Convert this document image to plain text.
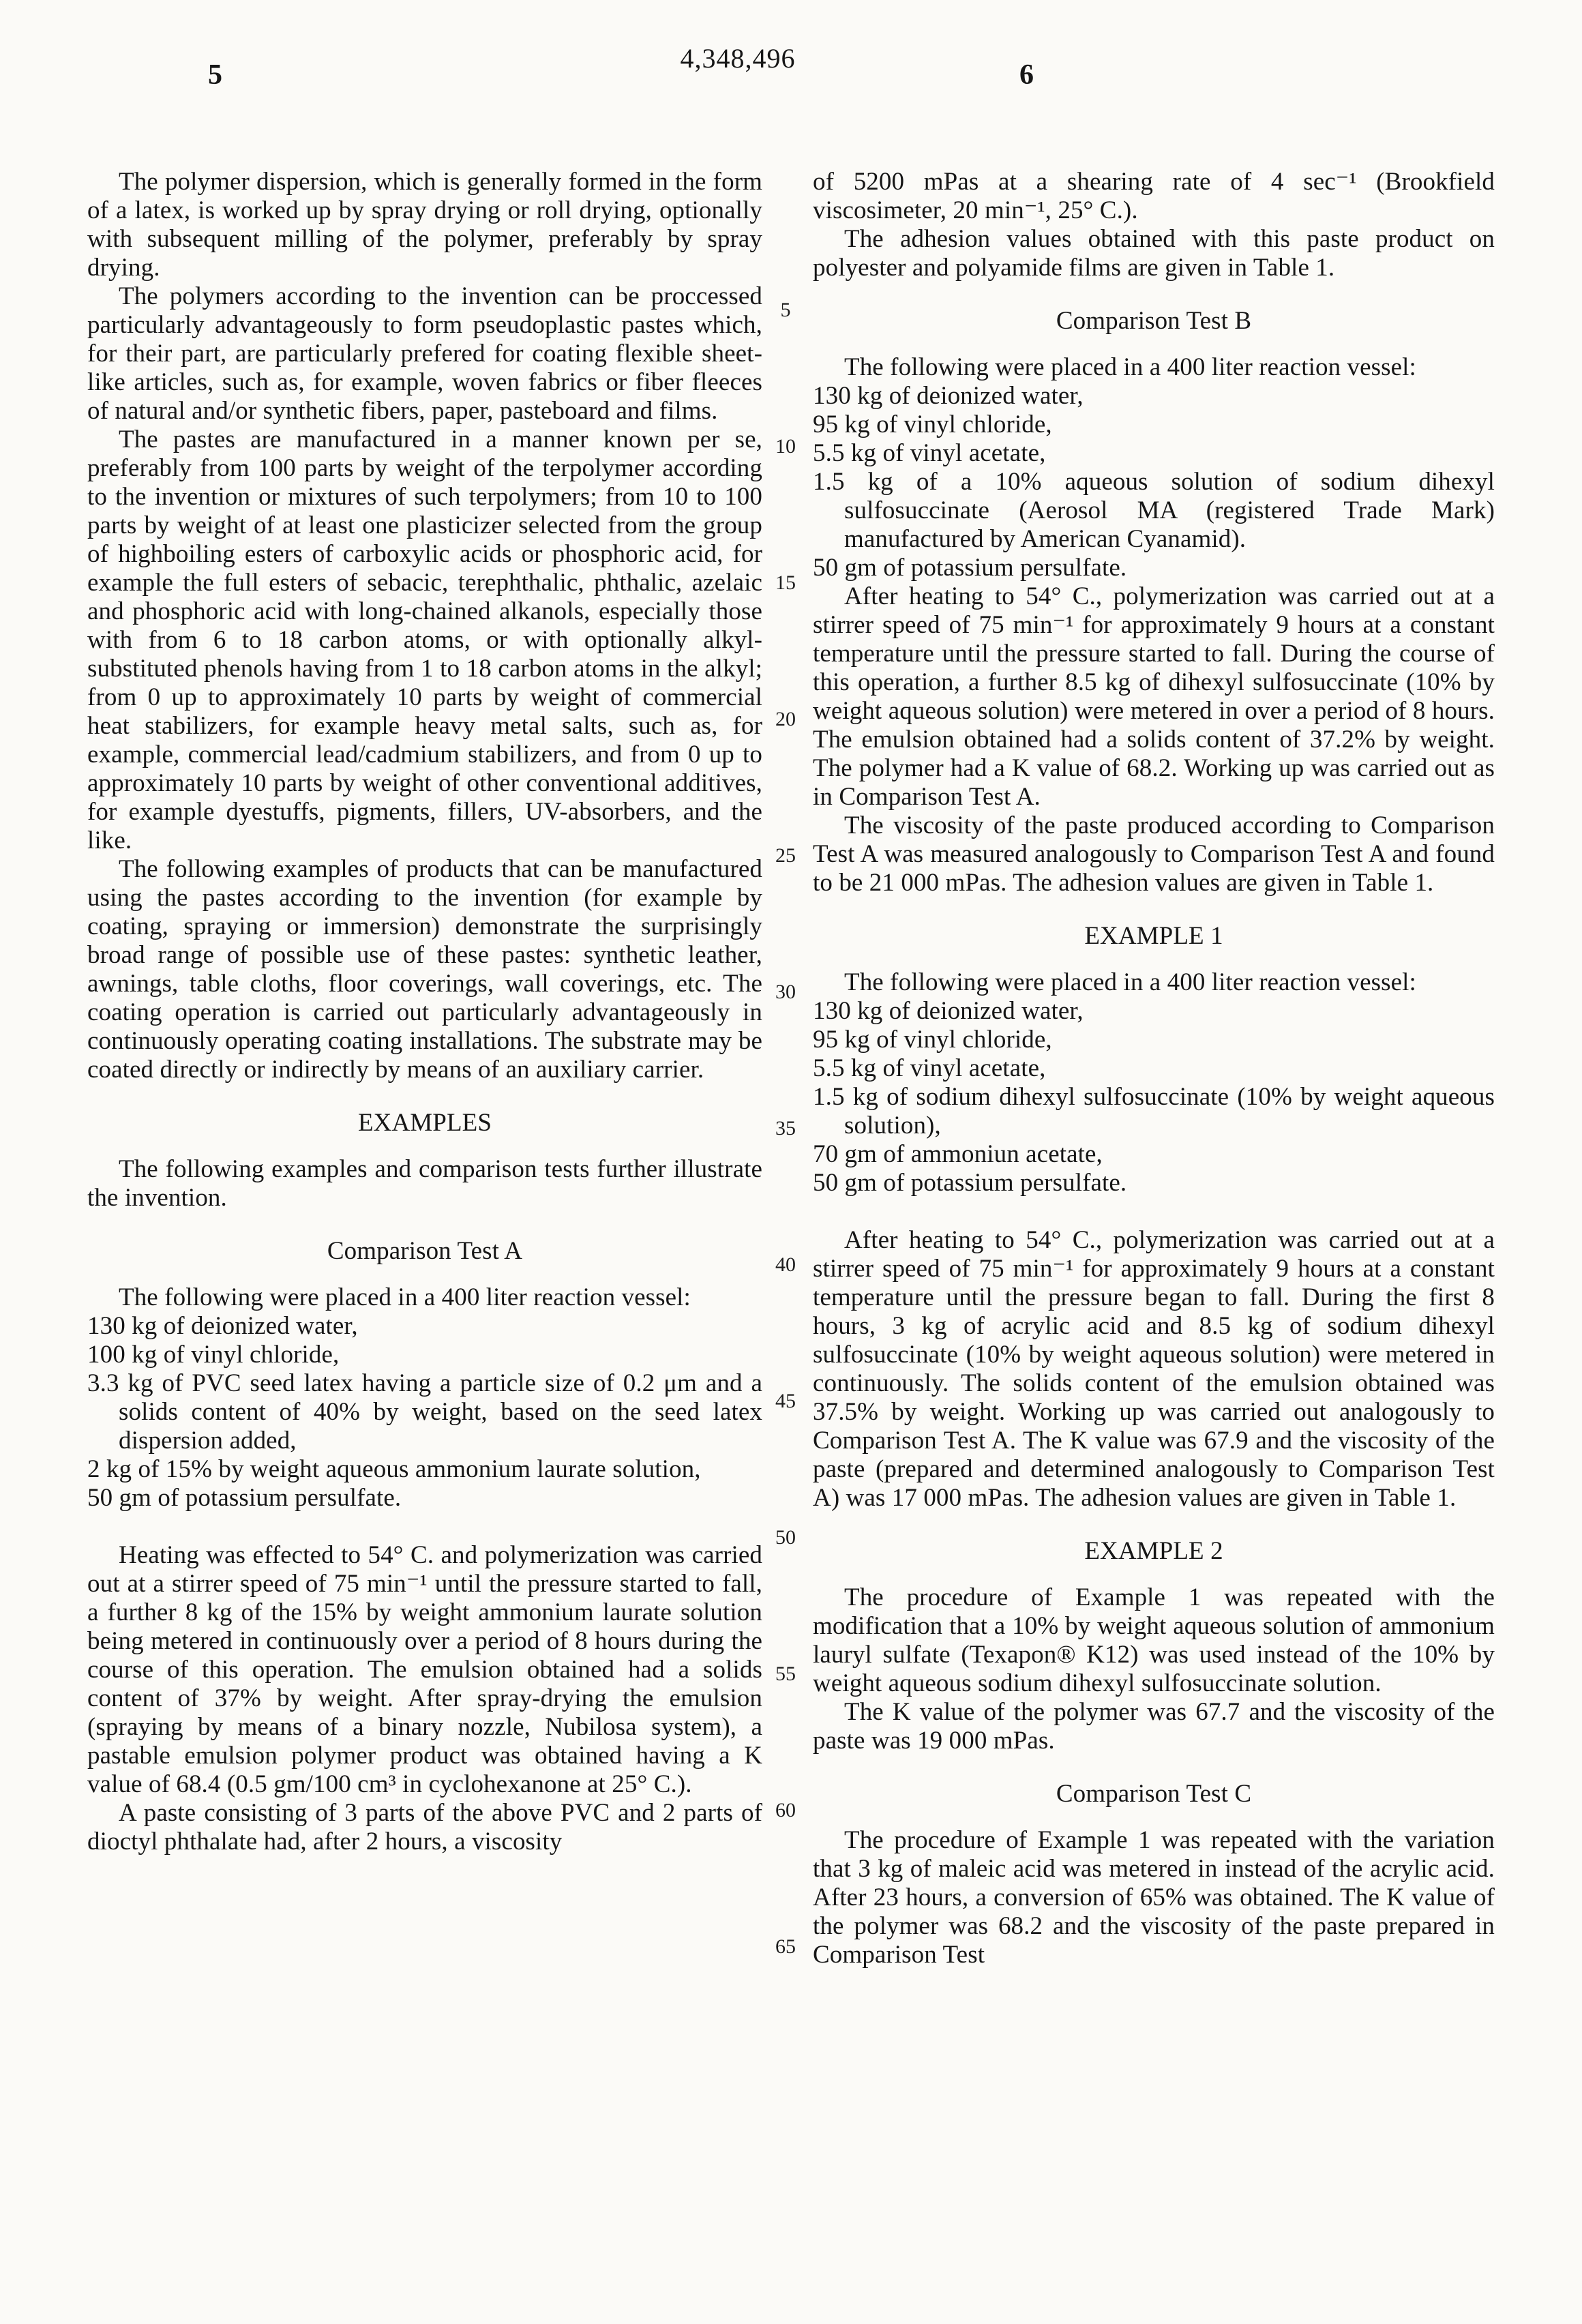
4,348,496
5	6
5
10
15
20
25
30
35
40
45
50
55
60
65

The polymer dispersion, which is generally formed in the form of a latex, is worked up by spray drying or roll drying, optionally with subsequent milling of the polymer, preferably by spray drying.

The polymers according to the invention can be proccessed particularly advantageously to form pseudoplastic pastes which, for their part, are particularly prefered for coating flexible sheet-like articles, such as, for example, woven fabrics or fiber fleeces of natural and/or synthetic fibers, paper, pasteboard and films.

The pastes are manufactured in a manner known per se, preferably from 100 parts by weight of the terpolymer according to the invention or mixtures of such terpolymers; from 10 to 100 parts by weight of at least one plasticizer selected from the group of highboiling esters of carboxylic acids or phosphoric acid, for example the full esters of sebacic, terephthalic, phthalic, azelaic and phosphoric acid with long-chained alkanols, especially those with from 6 to 18 carbon atoms, or with optionally alkyl-substituted phenols having from 1 to 18 carbon atoms in the alkyl; from 0 up to approximately 10 parts by weight of commercial heat stabilizers, for example heavy metal salts, such as, for example, commercial lead/cadmium stabilizers, and from 0 up to approximately 10 parts by weight of other conventional additives, for example dyestuffs, pigments, fillers, UV-absorbers, and the like.

The following examples of products that can be manufactured using the pastes according to the invention (for example by coating, spraying or immersion) demonstrate the surprisingly broad range of possible use of these pastes: synthetic leather, awnings, table cloths, floor coverings, wall coverings, etc. The coating operation is carried out particularly advantageously in continuously operating coating installations. The substrate may be coated directly or indirectly by means of an auxiliary carrier.

EXAMPLES

The following examples and comparison tests further illustrate the invention.

Comparison Test A

The following were placed in a 400 liter reaction vessel:

130 kg of deionized water,

100 kg of vinyl chloride,

3.3 kg of PVC seed latex having a particle size of 0.2 μm and a solids content of 40% by weight, based on the seed latex dispersion added,

2 kg of 15% by weight aqueous ammonium laurate solution,

50 gm of potassium persulfate.

Heating was effected to 54° C. and polymerization was carried out at a stirrer speed of 75 min⁻¹ until the pressure started to fall, a further 8 kg of the 15% by weight ammonium laurate solution being metered in continuously over a period of 8 hours during the course of this operation. The emulsion obtained had a solids content of 37% by weight. After spray-drying the emulsion (spraying by means of a binary nozzle, Nubilosa system), a pastable emulsion polymer product was obtained having a K value of 68.4 (0.5 gm/100 cm³ in cyclohexanone at 25° C.).

A paste consisting of 3 parts of the above PVC and 2 parts of dioctyl phthalate had, after 2 hours, a viscosity

of 5200 mPas at a shearing rate of 4 sec⁻¹ (Brookfield viscosimeter, 20 min⁻¹, 25° C.).

The adhesion values obtained with this paste product on polyester and polyamide films are given in Table 1.

Comparison Test B

The following were placed in a 400 liter reaction vessel:

130 kg of deionized water,

95 kg of vinyl chloride,

5.5 kg of vinyl acetate,

1.5 kg of a 10% aqueous solution of sodium dihexyl sulfosuccinate (Aerosol MA (registered Trade Mark) manufactured by American Cyanamid).

50 gm of potassium persulfate.

After heating to 54° C., polymerization was carried out at a stirrer speed of 75 min⁻¹ for approximately 9 hours at a constant temperature until the pressure started to fall. During the course of this operation, a further 8.5 kg of dihexyl sulfosuccinate (10% by weight aqueous solution) were metered in over a period of 8 hours. The emulsion obtained had a solids content of 37.2% by weight. The polymer had a K value of 68.2. Working up was carried out as in Comparison Test A.

The viscosity of the paste produced according to Comparison Test A was measured analogously to Comparison Test A and found to be 21 000 mPas. The adhesion values are given in Table 1.

EXAMPLE 1

The following were placed in a 400 liter reaction vessel:

130 kg of deionized water,

95 kg of vinyl chloride,

5.5 kg of vinyl acetate,

1.5 kg of sodium dihexyl sulfosuccinate (10% by weight aqueous solution),

70 gm of ammoniun acetate,

50 gm of potassium persulfate.

After heating to 54° C., polymerization was carried out at a stirrer speed of 75 min⁻¹ for approximately 9 hours at a constant temperature until the pressure began to fall. During the first 8 hours, 3 kg of acrylic acid and 8.5 kg of sodium dihexyl sulfosuccinate (10% by weight aqueous solution) were metered in continuously. The solids content of the emulsion obtained was 37.5% by weight. Working up was carried out analogously to Comparison Test A. The K value was 67.9 and the viscosity of the paste (prepared and determined analogously to Comparison Test A) was 17 000 mPas. The adhesion values are given in Table 1.

EXAMPLE 2

The procedure of Example 1 was repeated with the modification that a 10% by weight aqueous solution of ammonium lauryl sulfate (Texapon® K12) was used instead of the 10% by weight aqueous sodium dihexyl sulfosuccinate solution.

The K value of the polymer was 67.7 and the viscosity of the paste was 19 000 mPas.

Comparison Test C

The procedure of Example 1 was repeated with the variation that 3 kg of maleic acid was metered in instead of the acrylic acid. After 23 hours, a conversion of 65% was obtained. The K value of the polymer was 68.2 and the viscosity of the paste prepared in Comparison Test
